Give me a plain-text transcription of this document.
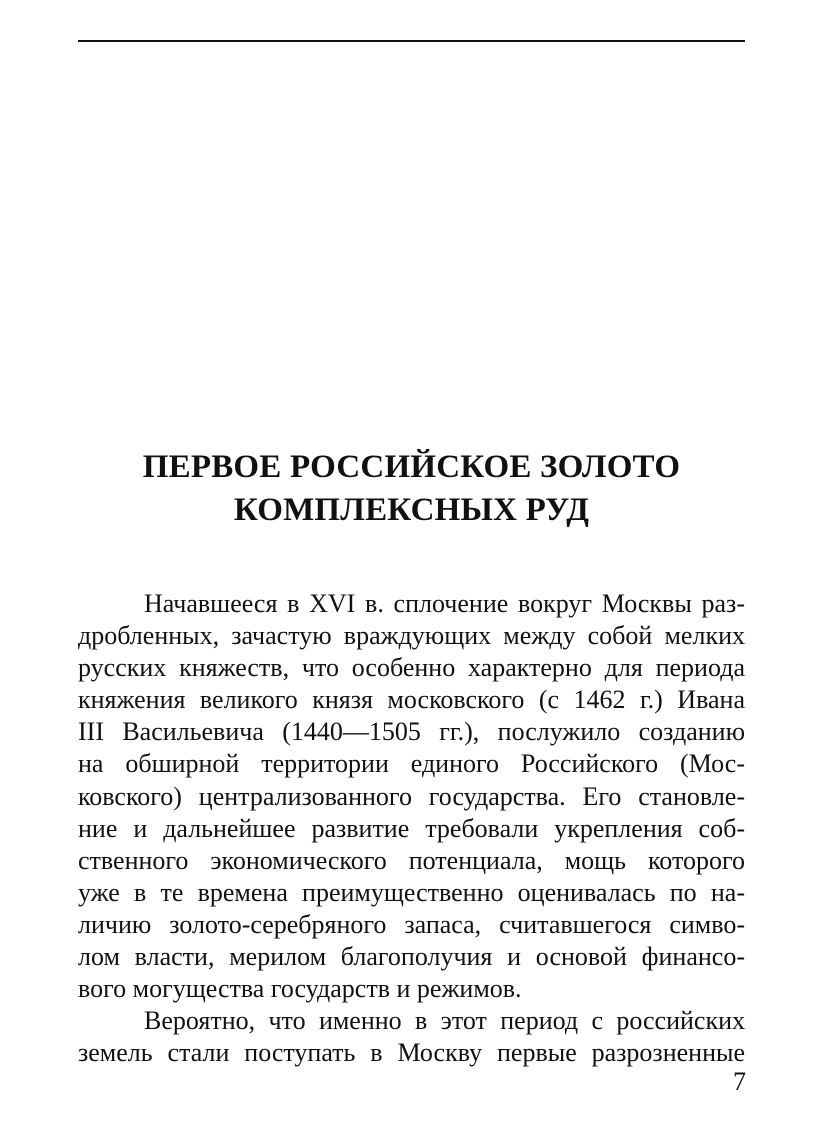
ПЕРВОЕ РОССИЙСКОЕ ЗОЛОТО
КОМПЛЕКСНЫХ РУД
Начавшееся в XVI в. сплочение вокруг Москвы раз-
дробленных, зачастую враждующих между собой мелких
русских княжеств, что особенно характерно для периода
княжения великого князя московского (с 1462 г.) Ивана
III Васильевича (1440—1505 гг.), послужило созданию
на обширной территории единого Российского (Мос-
ковского) централизованного государства. Его становле-
ние и дальнейшее развитие требовали укрепления соб-
ственного экономического потенциала, мощь которого
уже в те времена преимущественно оценивалась по на-
личию золото-серебряного запаса, считавшегося симво-
лом власти, мерилом благополучия и основой финансо-
вого могущества государств и режимов.
Вероятно, что именно в этот период с российских
земель стали поступать в Москву первые разрозненные
7
